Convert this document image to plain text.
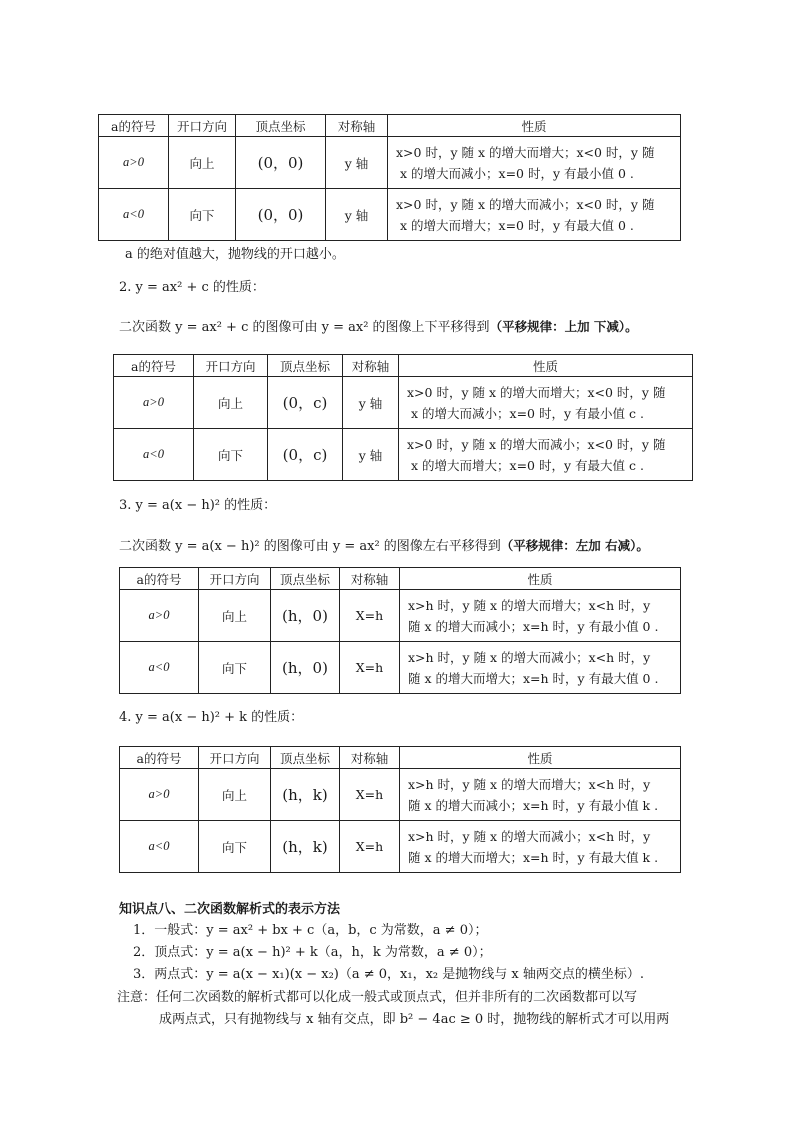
a的符号	开口方向	顶点坐标	对称轴	性质
a>0	向上	(0，0)	y 轴	x>0 时，y 随 x 的增大而增大；x<0 时，y 随
x 的增大而减小；x=0 时，y 有最小值 0 .

a<0	向下	(0，0)	y 轴	x>0 时，y 随 x 的增大而减小；x<0 时，y 随
x 的增大而增大；x=0 时，y 有最大值 0 .
a 的绝对值越大，抛物线的开口越小。
2. y = ax² + c 的性质：
二次函数 y = ax² + c 的图像可由 y = ax² 的图像上下平移得到（平移规律：上加 下减）。
a的符号	开口方向	顶点坐标	对称轴	性质
a>0	向上	(0，c)	y 轴	x>0 时，y 随 x 的增大而增大；x<0 时，y 随
x 的增大而减小；x=0 时，y 有最小值 c .

a<0	向下	(0，c)	y 轴	x>0 时，y 随 x 的增大而减小；x<0 时，y 随
x 的增大而增大；x=0 时，y 有最大值 c .
3. y = a(x − h)² 的性质：
二次函数 y = a(x − h)² 的图像可由 y = ax² 的图像左右平移得到（平移规律：左加 右减）。
a的符号	开口方向	顶点坐标	对称轴	性质
a>0	向上	(h，0)	X=h	x>h 时，y 随 x 的增大而增大；x<h 时，y
随 x 的增大而减小；x=h 时，y 有最小值 0 .

a<0	向下	(h，0)	X=h	x>h 时，y 随 x 的增大而减小；x<h 时，y
随 x 的增大而增大；x=h 时，y 有最大值 0 .
4. y = a(x − h)² + k 的性质：
a的符号	开口方向	顶点坐标	对称轴	性质
a>0	向上	(h，k)	X=h	x>h 时，y 随 x 的增大而增大；x<h 时，y
随 x 的增大而减小；x=h 时，y 有最小值 k .

a<0	向下	(h，k)	X=h	x>h 时，y 随 x 的增大而减小；x<h 时，y
随 x 的增大而增大；x=h 时，y 有最大值 k .
知识点八、二次函数解析式的表示方法
1．一般式：y = ax² + bx + c（a，b，c 为常数，a ≠ 0）；
2．顶点式：y = a(x − h)² + k（a，h，k 为常数，a ≠ 0）；
3．两点式：y = a(x − x₁)(x − x₂)（a ≠ 0，x₁，x₂ 是抛物线与 x 轴两交点的横坐标）.
注意：任何二次函数的解析式都可以化成一般式或顶点式，但并非所有的二次函数都可以写
成两点式，只有抛物线与 x 轴有交点，即 b² − 4ac ≥ 0 时，抛物线的解析式才可以用两
